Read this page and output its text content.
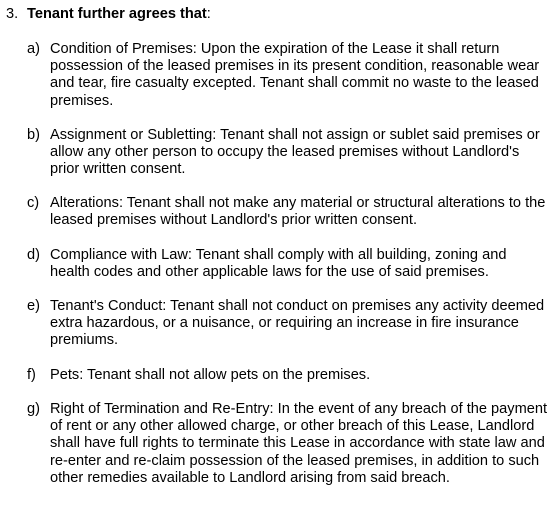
3. Tenant further agrees that:
a) Condition of Premises: Upon the expiration of the Lease it shall return possession of the leased premises in its present condition, reasonable wear and tear, fire casualty excepted. Tenant shall commit no waste to the leased premises.
b) Assignment or Subletting: Tenant shall not assign or sublet said premises or allow any other person to occupy the leased premises without Landlord's prior written consent.
c) Alterations: Tenant shall not make any material or structural alterations to the leased premises without Landlord's prior written consent.
d) Compliance with Law: Tenant shall comply with all building, zoning and health codes and other applicable laws for the use of said premises.
e) Tenant's Conduct: Tenant shall not conduct on premises any activity deemed extra hazardous, or a nuisance, or requiring an increase in fire insurance premiums.
f) Pets: Tenant shall not allow pets on the premises.
g) Right of Termination and Re-Entry: In the event of any breach of the payment of rent or any other allowed charge, or other breach of this Lease, Landlord shall have full rights to terminate this Lease in accordance with state law and re-enter and re-claim possession of the leased premises, in addition to such other remedies available to Landlord arising from said breach.
